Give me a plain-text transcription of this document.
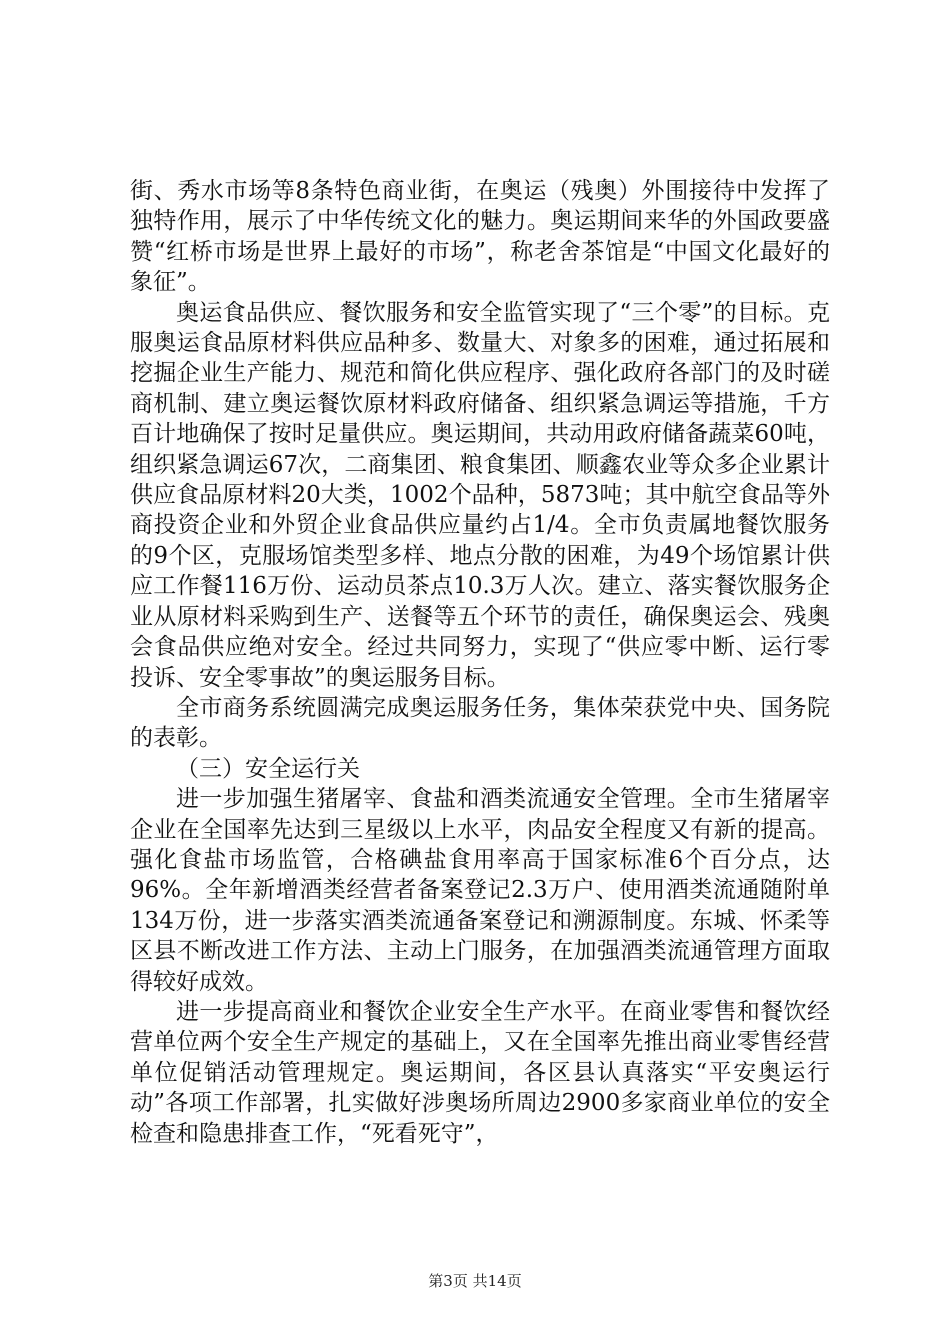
街、秀水市场等8条特色商业街，在奥运（残奥）外围接待中发挥了独特作用，展示了中华传统文化的魅力。奥运期间来华的外国政要盛赞“红桥市场是世界上最好的市场”，称老舍茶馆是“中国文化最好的象征”。

奥运食品供应、餐饮服务和安全监管实现了“三个零”的目标。克服奥运食品原材料供应品种多、数量大、对象多的困难，通过拓展和挖掘企业生产能力、规范和简化供应程序、强化政府各部门的及时磋商机制、建立奥运餐饮原材料政府储备、组织紧急调运等措施，千方百计地确保了按时足量供应。奥运期间，共动用政府储备蔬菜60吨，组织紧急调运67次，二商集团、粮食集团、顺鑫农业等众多企业累计供应食品原材料20大类，1002个品种，5873吨；其中航空食品等外商投资企业和外贸企业食品供应量约占1/4。全市负责属地餐饮服务的9个区，克服场馆类型多样、地点分散的困难，为49个场馆累计供应工作餐116万份、运动员茶点10.3万人次。建立、落实餐饮服务企业从原材料采购到生产、送餐等五个环节的责任，确保奥运会、残奥会食品供应绝对安全。经过共同努力，实现了“供应零中断、运行零投诉、安全零事故”的奥运服务目标。

全市商务系统圆满完成奥运服务任务，集体荣获党中央、国务院的表彰。

（三）安全运行关

进一步加强生猪屠宰、食盐和酒类流通安全管理。全市生猪屠宰企业在全国率先达到三星级以上水平，肉品安全程度又有新的提高。强化食盐市场监管，合格碘盐食用率高于国家标准6个百分点，达96%。全年新增酒类经营者备案登记2.3万户、使用酒类流通随附单134万份，进一步落实酒类流通备案登记和溯源制度。东城、怀柔等区县不断改进工作方法、主动上门服务，在加强酒类流通管理方面取得较好成效。

进一步提高商业和餐饮企业安全生产水平。在商业零售和餐饮经营单位两个安全生产规定的基础上，又在全国率先推出商业零售经营单位促销活动管理规定。奥运期间，各区县认真落实“平安奥运行动”各项工作部署，扎实做好涉奥场所周边2900多家商业单位的安全检查和隐患排查工作，“死看死守”，

第3页 共14页
